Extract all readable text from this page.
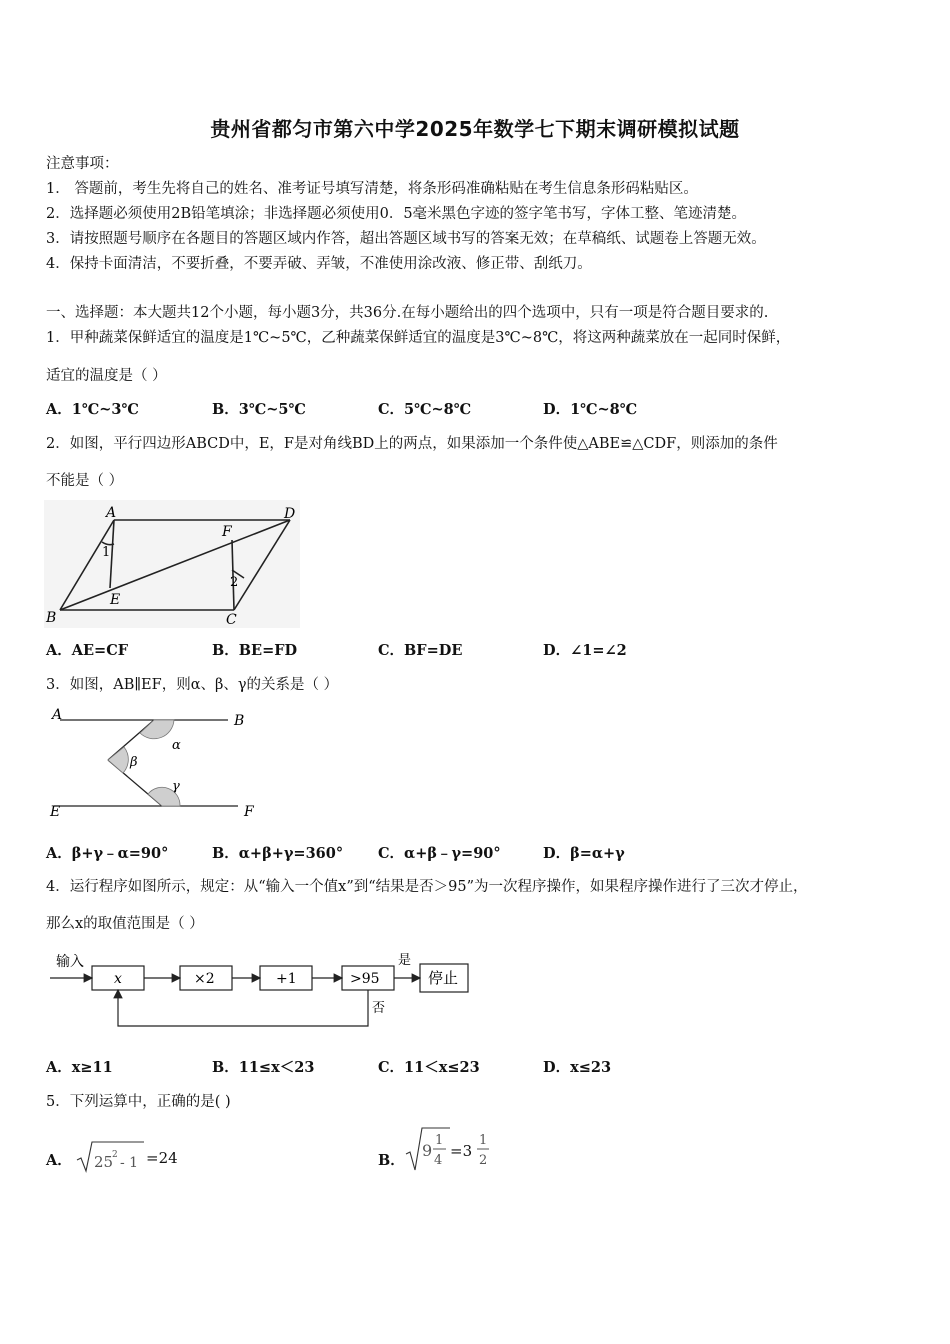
贵州省都匀市第六中学2025年数学七下期末调研模拟试题
注意事项：
1． 答题前，考生先将自己的姓名、准考证号填写清楚，将条形码准确粘贴在考生信息条形码粘贴区。
2．选择题必须使用2B铅笔填涂；非选择题必须使用0．5毫米黑色字迹的签字笔书写，字体工整、笔迹清楚。
3．请按照题号顺序在各题目的答题区域内作答，超出答题区域书写的答案无效；在草稿纸、试题卷上答题无效。
4．保持卡面清洁，不要折叠，不要弄破、弄皱，不准使用涂改液、修正带、刮纸刀。
一、选择题：本大题共12个小题，每小题3分，共36分.在每小题给出的四个选项中，只有一项是符合题目要求的.
1．甲种蔬菜保鲜适宜的温度是1℃~5℃，乙种蔬菜保鲜适宜的温度是3℃~8℃，将这两种蔬菜放在一起同时保鲜，
适宜的温度是（ ）
A．1℃~3℃	B．3℃~5℃	C．5℃~8℃	D．1℃~8℃
2．如图，平行四边形ABCD中，E，F是对角线BD上的两点，如果添加一个条件使△ABE≌△CDF，则添加的条件
不能是（ ）
A	D
F
1
2
B
E
C
A．AE=CF	B．BE=FD	C．BF=DE	D．∠1=∠2
3．如图，AB∥EF，则α、β、γ的关系是（ ）
A	B
α
β
γ
E	F
A．β+γ﹣α=90°	B．α+β+γ=360° C．α+β﹣γ=90°	D．β=α+γ
4．运行程序如图所示，规定：从“输入一个值x”到“结果是否＞95”为一次程序操作，如果程序操作进行了三次才停止，
那么x的取值范围是（ ）
输入
x	×2	+1	>95	停止
是
否
A．x≥11	B．11≤x＜23	C．11＜x≤23	D．x≤23
5．下列运算中，正确的是( )
A． 25
2 - 1 =24	B．
9
1
4
=3
1
2
